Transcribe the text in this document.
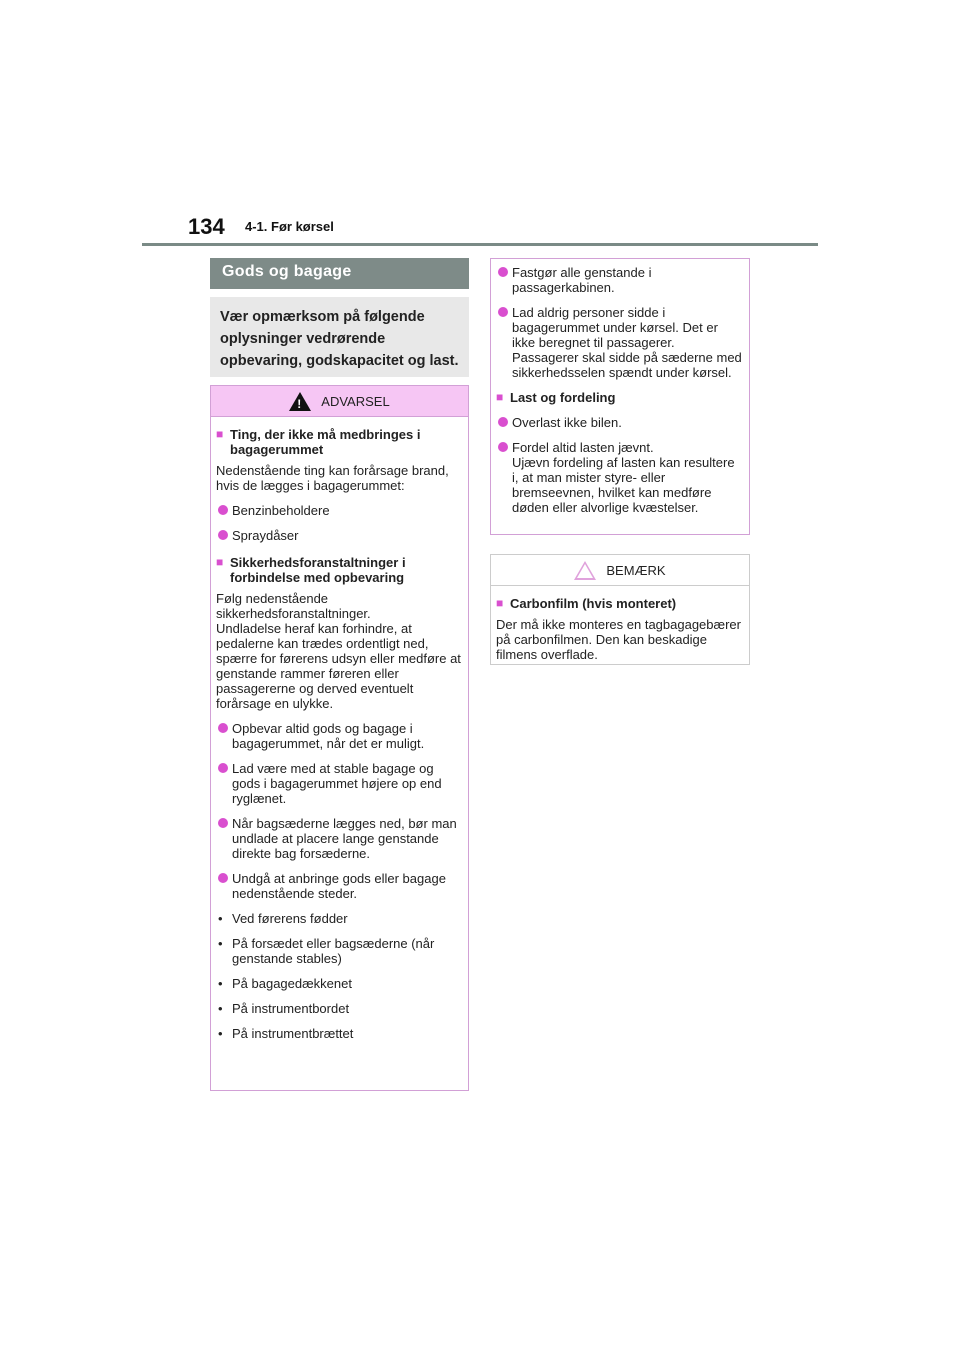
134 4-1. Før kørsel
Gods og bagage
Vær opmærksom på følgende oplysninger vedrørende opbevaring, godskapacitet og last.
!
ADVARSEL
■ Ting, der ikke må medbringes i bagagerummet
Nedenstående ting kan forårsage brand, hvis de lægges i bagagerummet:
Benzinbeholdere
Spraydåser
■ Sikkerhedsforanstaltninger i forbindelse med opbevaring
Følg nedenstående sikkerhedsforanstaltninger.
Undladelse heraf kan forhindre, at pedalerne kan trædes ordentligt ned, spærre for førerens udsyn eller medføre at genstande rammer føreren eller passagererne og derved eventuelt forårsage en ulykke.
Opbevar altid gods og bagage i bagagerummet, når det er muligt.
Lad være med at stable bagage og gods i bagagerummet højere op end ryglænet.
Når bagsæderne lægges ned, bør man undlade at placere lange genstande direkte bag forsæderne.
Undgå at anbringe gods eller bagage nedenstående steder.
• Ved førerens fødder
• På forsædet eller bagsæderne (når genstande stables)
• På bagagedækkenet
• På instrumentbordet
• På instrumentbrættet
Fastgør alle genstande i passagerkabinen.
Lad aldrig personer sidde i bagagerummet under kørsel. Det er ikke beregnet til passagerer. Passagerer skal sidde på sæderne med sikkerhedsselen spændt under kørsel.
■ Last og fordeling
Overlast ikke bilen.
Fordel altid lasten jævnt.
Ujævn fordeling af lasten kan resultere i, at man mister styre- eller bremseevnen, hvilket kan medføre døden eller alvorlige kvæstelser.
BEMÆRK
■ Carbonfilm (hvis monteret)
Der må ikke monteres en tagbagagebærer på carbonfilmen. Den kan beskadige filmens overflade.
